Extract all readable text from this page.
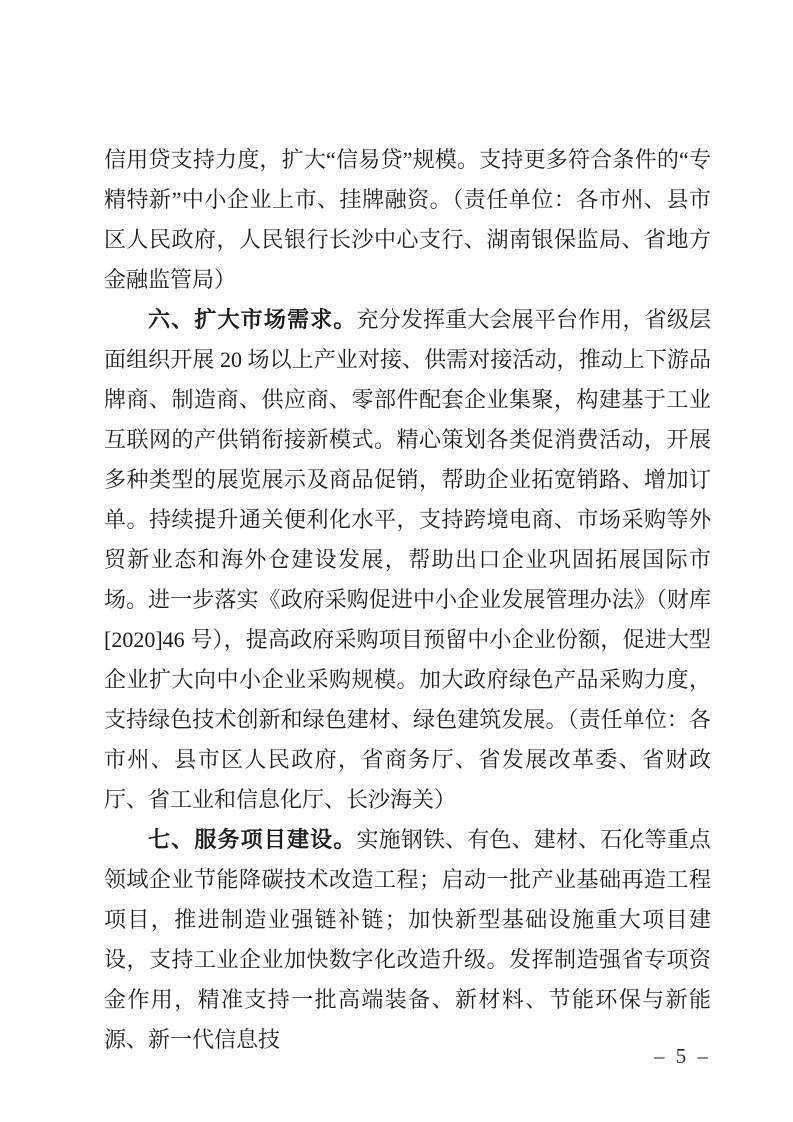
信用贷支持力度，扩大“信易贷”规模。支持更多符合条件的“专精特新”中小企业上市、挂牌融资。（责任单位：各市州、县市区人民政府，人民银行长沙中心支行、湖南银保监局、省地方金融监管局）

六、扩大市场需求。充分发挥重大会展平台作用，省级层面组织开展 20 场以上产业对接、供需对接活动，推动上下游品牌商、制造商、供应商、零部件配套企业集聚，构建基于工业互联网的产供销衔接新模式。精心策划各类促消费活动，开展多种类型的展览展示及商品促销，帮助企业拓宽销路、增加订单。持续提升通关便利化水平，支持跨境电商、市场采购等外贸新业态和海外仓建设发展，帮助出口企业巩固拓展国际市场。进一步落实《政府采购促进中小企业发展管理办法》（财库[2020]46 号），提高政府采购项目预留中小企业份额，促进大型企业扩大向中小企业采购规模。加大政府绿色产品采购力度，支持绿色技术创新和绿色建材、绿色建筑发展。（责任单位：各市州、县市区人民政府，省商务厅、省发展改革委、省财政厅、省工业和信息化厅、长沙海关）

七、服务项目建设。实施钢铁、有色、建材、石化等重点领域企业节能降碳技术改造工程；启动一批产业基础再造工程项目，推进制造业强链补链；加快新型基础设施重大项目建设，支持工业企业加快数字化改造升级。发挥制造强省专项资金作用，精准支持一批高端装备、新材料、节能环保与新能源、新一代信息技

– 5 –
